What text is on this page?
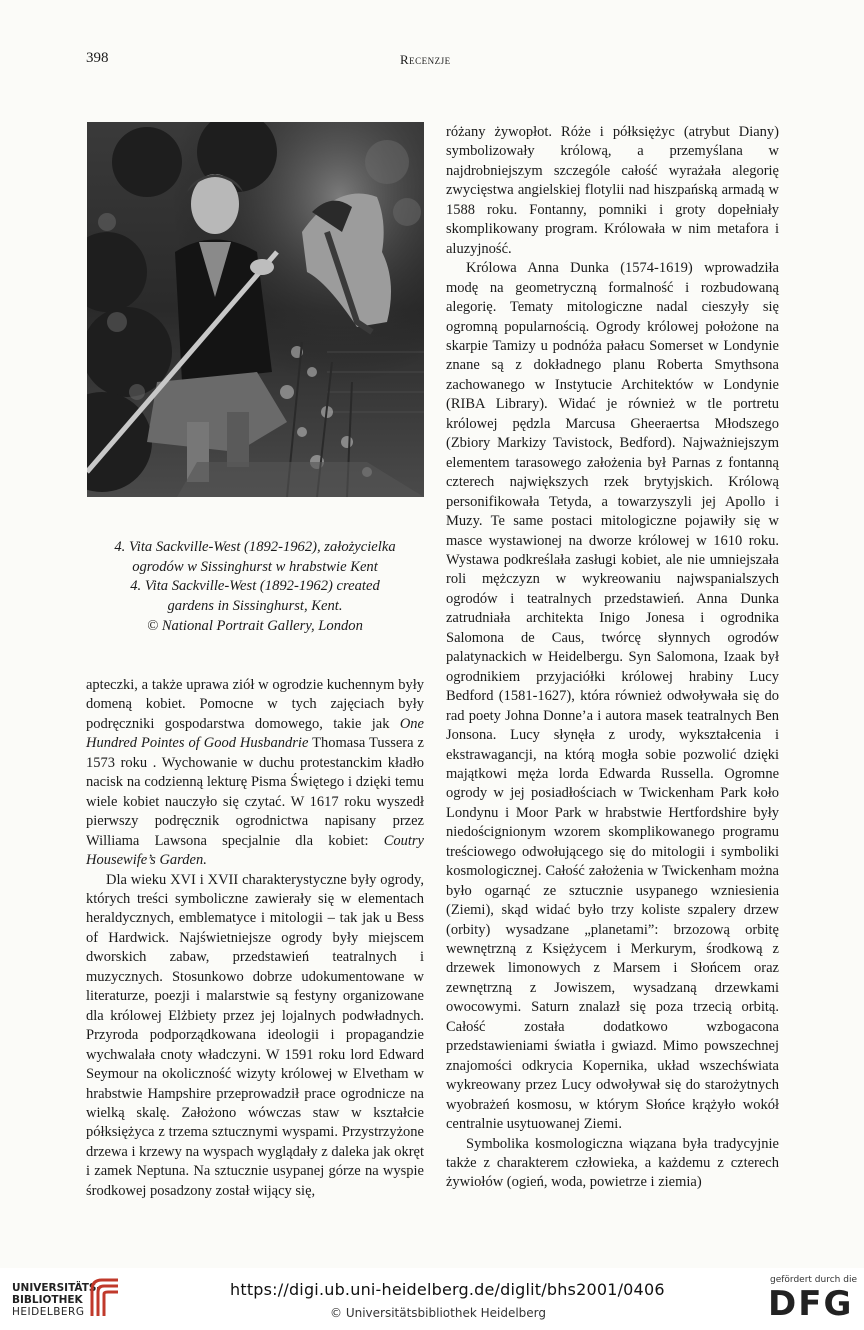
398	Recenzje
4. Vita Sackville-West (1892-1962), założycielka
ogrodów w Sissinghurst w hrabstwie Kent
4. Vita Sackville-West (1892-1962) created
gardens in Sissinghurst, Kent.
© National Portrait Gallery, London

apteczki, a także uprawa ziół w ogrodzie kuchennym były domeną kobiet. Pomocne w tych zajęciach były podręczniki gospodarstwa domowego, takie jak One Hundred Pointes of Good Husbandrie Thomasa Tussera z 1573 roku . Wychowanie w duchu protestanckim kładło nacisk na codzienną lekturę Pisma Świętego i dzięki temu wiele kobiet nauczyło się czytać. W 1617 roku wyszedł pierwszy podręcznik ogrodnictwa napisany przez Williama Lawsona specjalnie dla kobiet: Coutry Housewife’s Garden.

Dla wieku XVI i XVII charakterystyczne były ogrody, których treści symboliczne zawierały się w elementach heraldycznych, emblematyce i mitologii – tak jak u Bess of Hardwick. Najświetniejsze ogrody były miejscem dworskich zabaw, przedstawień teatralnych i muzycznych. Stosunkowo dobrze udokumentowane w literaturze, poezji i malarstwie są festyny organizowane dla królowej Elżbiety przez jej lojalnych podwładnych. Przyroda podporządkowana ideologii i propagandzie wychwalała cnoty władczyni. W 1591 roku lord Edward Seymour na okoliczność wizyty królowej w Elvetham w hrabstwie Hampshire przeprowadził prace ogrodnicze na wielką skalę. Założono wówczas staw w kształcie półksiężyca z trzema sztucznymi wyspami. Przystrzyżone drzewa i krzewy na wyspach wyglądały z daleka jak okręt i zamek Neptuna. Na sztucznie usypanej górze na wyspie środkowej posadzony został wijący się,

różany żywopłot. Róże i półksiężyc (atrybut Diany) symbolizowały królową, a przemyślana w najdrobniejszym szczególe całość wyrażała alegorię zwycięstwa angielskiej flotylii nad hiszpańską armadą w 1588 roku. Fontanny, pomniki i groty dopełniały skomplikowany program. Królowała w nim metafora i aluzyjność.

Królowa Anna Dunka (1574-1619) wprowadziła modę na geometryczną formalność i rozbudowaną alegorię. Tematy mitologiczne nadal cieszyły się ogromną popularnością. Ogrody królowej położone na skarpie Tamizy u podnóża pałacu Somerset w Londynie znane są z dokładnego planu Roberta Smythsona zachowanego w Instytucie Architektów w Londynie (RIBA Library). Widać je również w tle portretu królowej pędzla Marcusa Gheeraertsa Młodszego (Zbiory Markizy Tavistock, Bedford). Najważniejszym elementem tarasowego założenia był Parnas z fontanną czterech największych rzek brytyjskich. Królową personifikowała Tetyda, a towarzyszyli jej Apollo i Muzy. Te same postaci mitologiczne pojawiły się w masce wystawionej na dworze królowej w 1610 roku. Wystawa podkreślała zasługi kobiet, ale nie umniejszała roli mężczyzn w wykreowaniu najwspanialszych ogrodów i teatralnych przedstawień. Anna Dunka zatrudniała architekta Inigo Jonesa i ogrodnika Salomona de Caus, twórcę słynnych ogrodów palatynackich w Heidelbergu. Syn Salomona, Izaak był ogrodnikiem przyjaciółki królowej hrabiny Lucy Bedford (1581-1627), która również odwoływała się do rad poety Johna Donne’a i autora masek teatralnych Ben Jonsona. Lucy słynęła z urody, wykształcenia i ekstrawagancji, na którą mogła sobie pozwolić dzięki majątkowi męża lorda Edwarda Russella. Ogromne ogrody w jej posiadłościach w Twickenham Park koło Londynu i Moor Park w hrabstwie Hertfordshire były niedoścignionym wzorem skomplikowanego programu treściowego odwołującego się do mitologii i symboliki kosmologicznej. Całość założenia w Twickenham można było ogarnąć ze sztucznie usypanego wzniesienia (Ziemi), skąd widać było trzy koliste szpalery drzew (orbity) wysadzane „planetami”: brzozową orbitę wewnętrzną z Księżycem i Merkurym, środkową z drzewek limonowych z Marsem i Słońcem oraz zewnętrzną z Jowiszem, wysadzaną drzewkami owocowymi. Saturn znalazł się poza trzecią orbitą. Całość została dodatkowo wzbogacona przedstawieniami światła i gwiazd. Mimo powszechnej znajomości odkrycia Kopernika, układ wszechświata wykreowany przez Lucy odwoływał się do starożytnych wyobrażeń kosmosu, w którym Słońce krążyło wokół centralnie usytuowanej Ziemi.

Symbolika kosmologiczna wiązana była tradycyjnie także z charakterem człowieka, a każdemu z czterech żywiołów (ogień, woda, powietrze i ziemia)

UNIVERSITÄTS-
BIBLIOTHEK
HEIDELBERG
https://digi.ub.uni-heidelberg.de/diglit/bhs2001/0406
© Universitätsbibliothek Heidelberg
gefördert durch die
DFG
